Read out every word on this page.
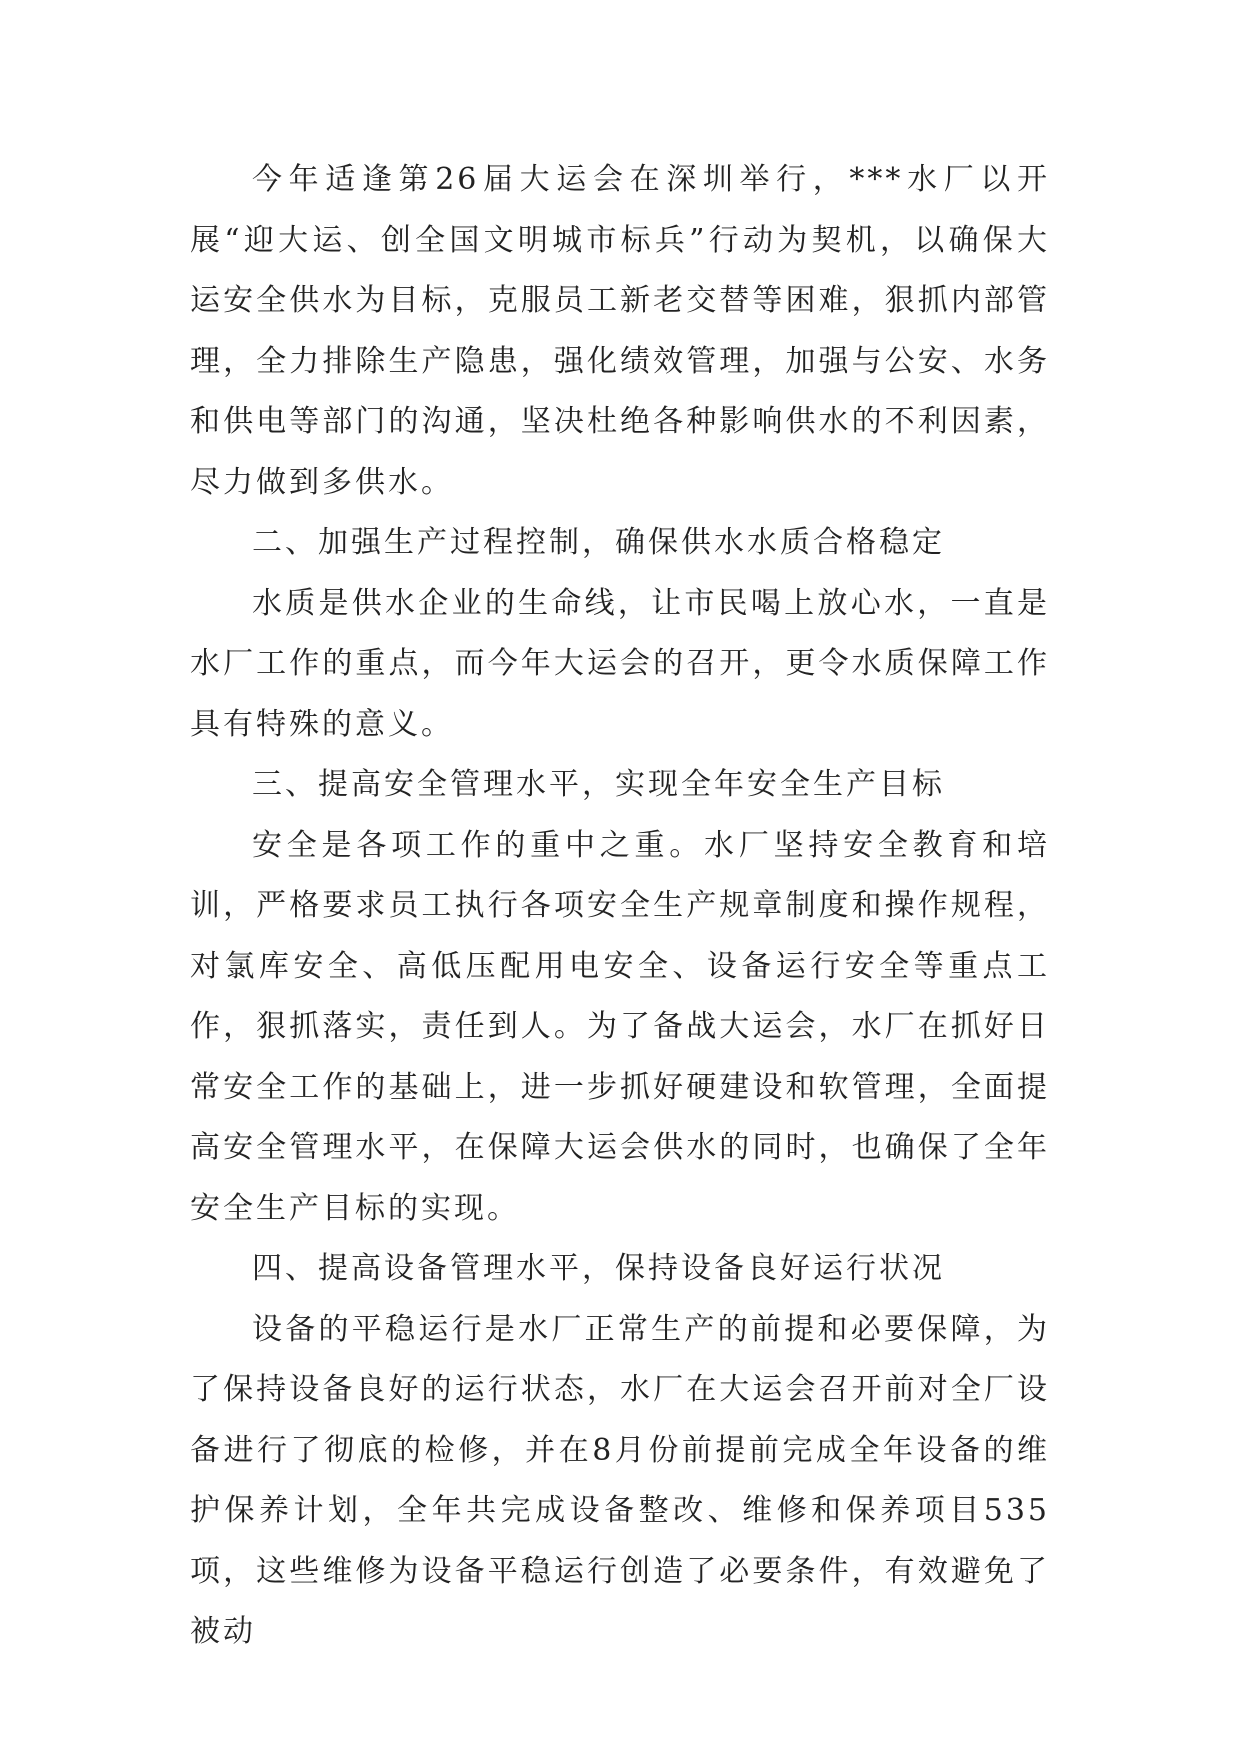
今年适逢第26届大运会在深圳举行，***水厂以开展“迎大运、创全国文明城市标兵”行动为契机，以确保大运安全供水为目标，克服员工新老交替等困难，狠抓内部管理，全力排除生产隐患，强化绩效管理，加强与公安、水务和供电等部门的沟通，坚决杜绝各种影响供水的不利因素，尽力做到多供水。

二、加强生产过程控制，确保供水水质合格稳定

水质是供水企业的生命线，让市民喝上放心水，一直是水厂工作的重点，而今年大运会的召开，更令水质保障工作具有特殊的意义。

三、提高安全管理水平，实现全年安全生产目标

安全是各项工作的重中之重。水厂坚持安全教育和培训，严格要求员工执行各项安全生产规章制度和操作规程，对氯库安全、高低压配用电安全、设备运行安全等重点工作，狠抓落实，责任到人。为了备战大运会，水厂在抓好日常安全工作的基础上，进一步抓好硬建设和软管理，全面提高安全管理水平，在保障大运会供水的同时，也确保了全年安全生产目标的实现。

四、提高设备管理水平，保持设备良好运行状况

设备的平稳运行是水厂正常生产的前提和必要保障，为了保持设备良好的运行状态，水厂在大运会召开前对全厂设备进行了彻底的检修，并在8月份前提前完成全年设备的维护保养计划，全年共完成设备整改、维修和保养项目535项，这些维修为设备平稳运行创造了必要条件，有效避免了被动
